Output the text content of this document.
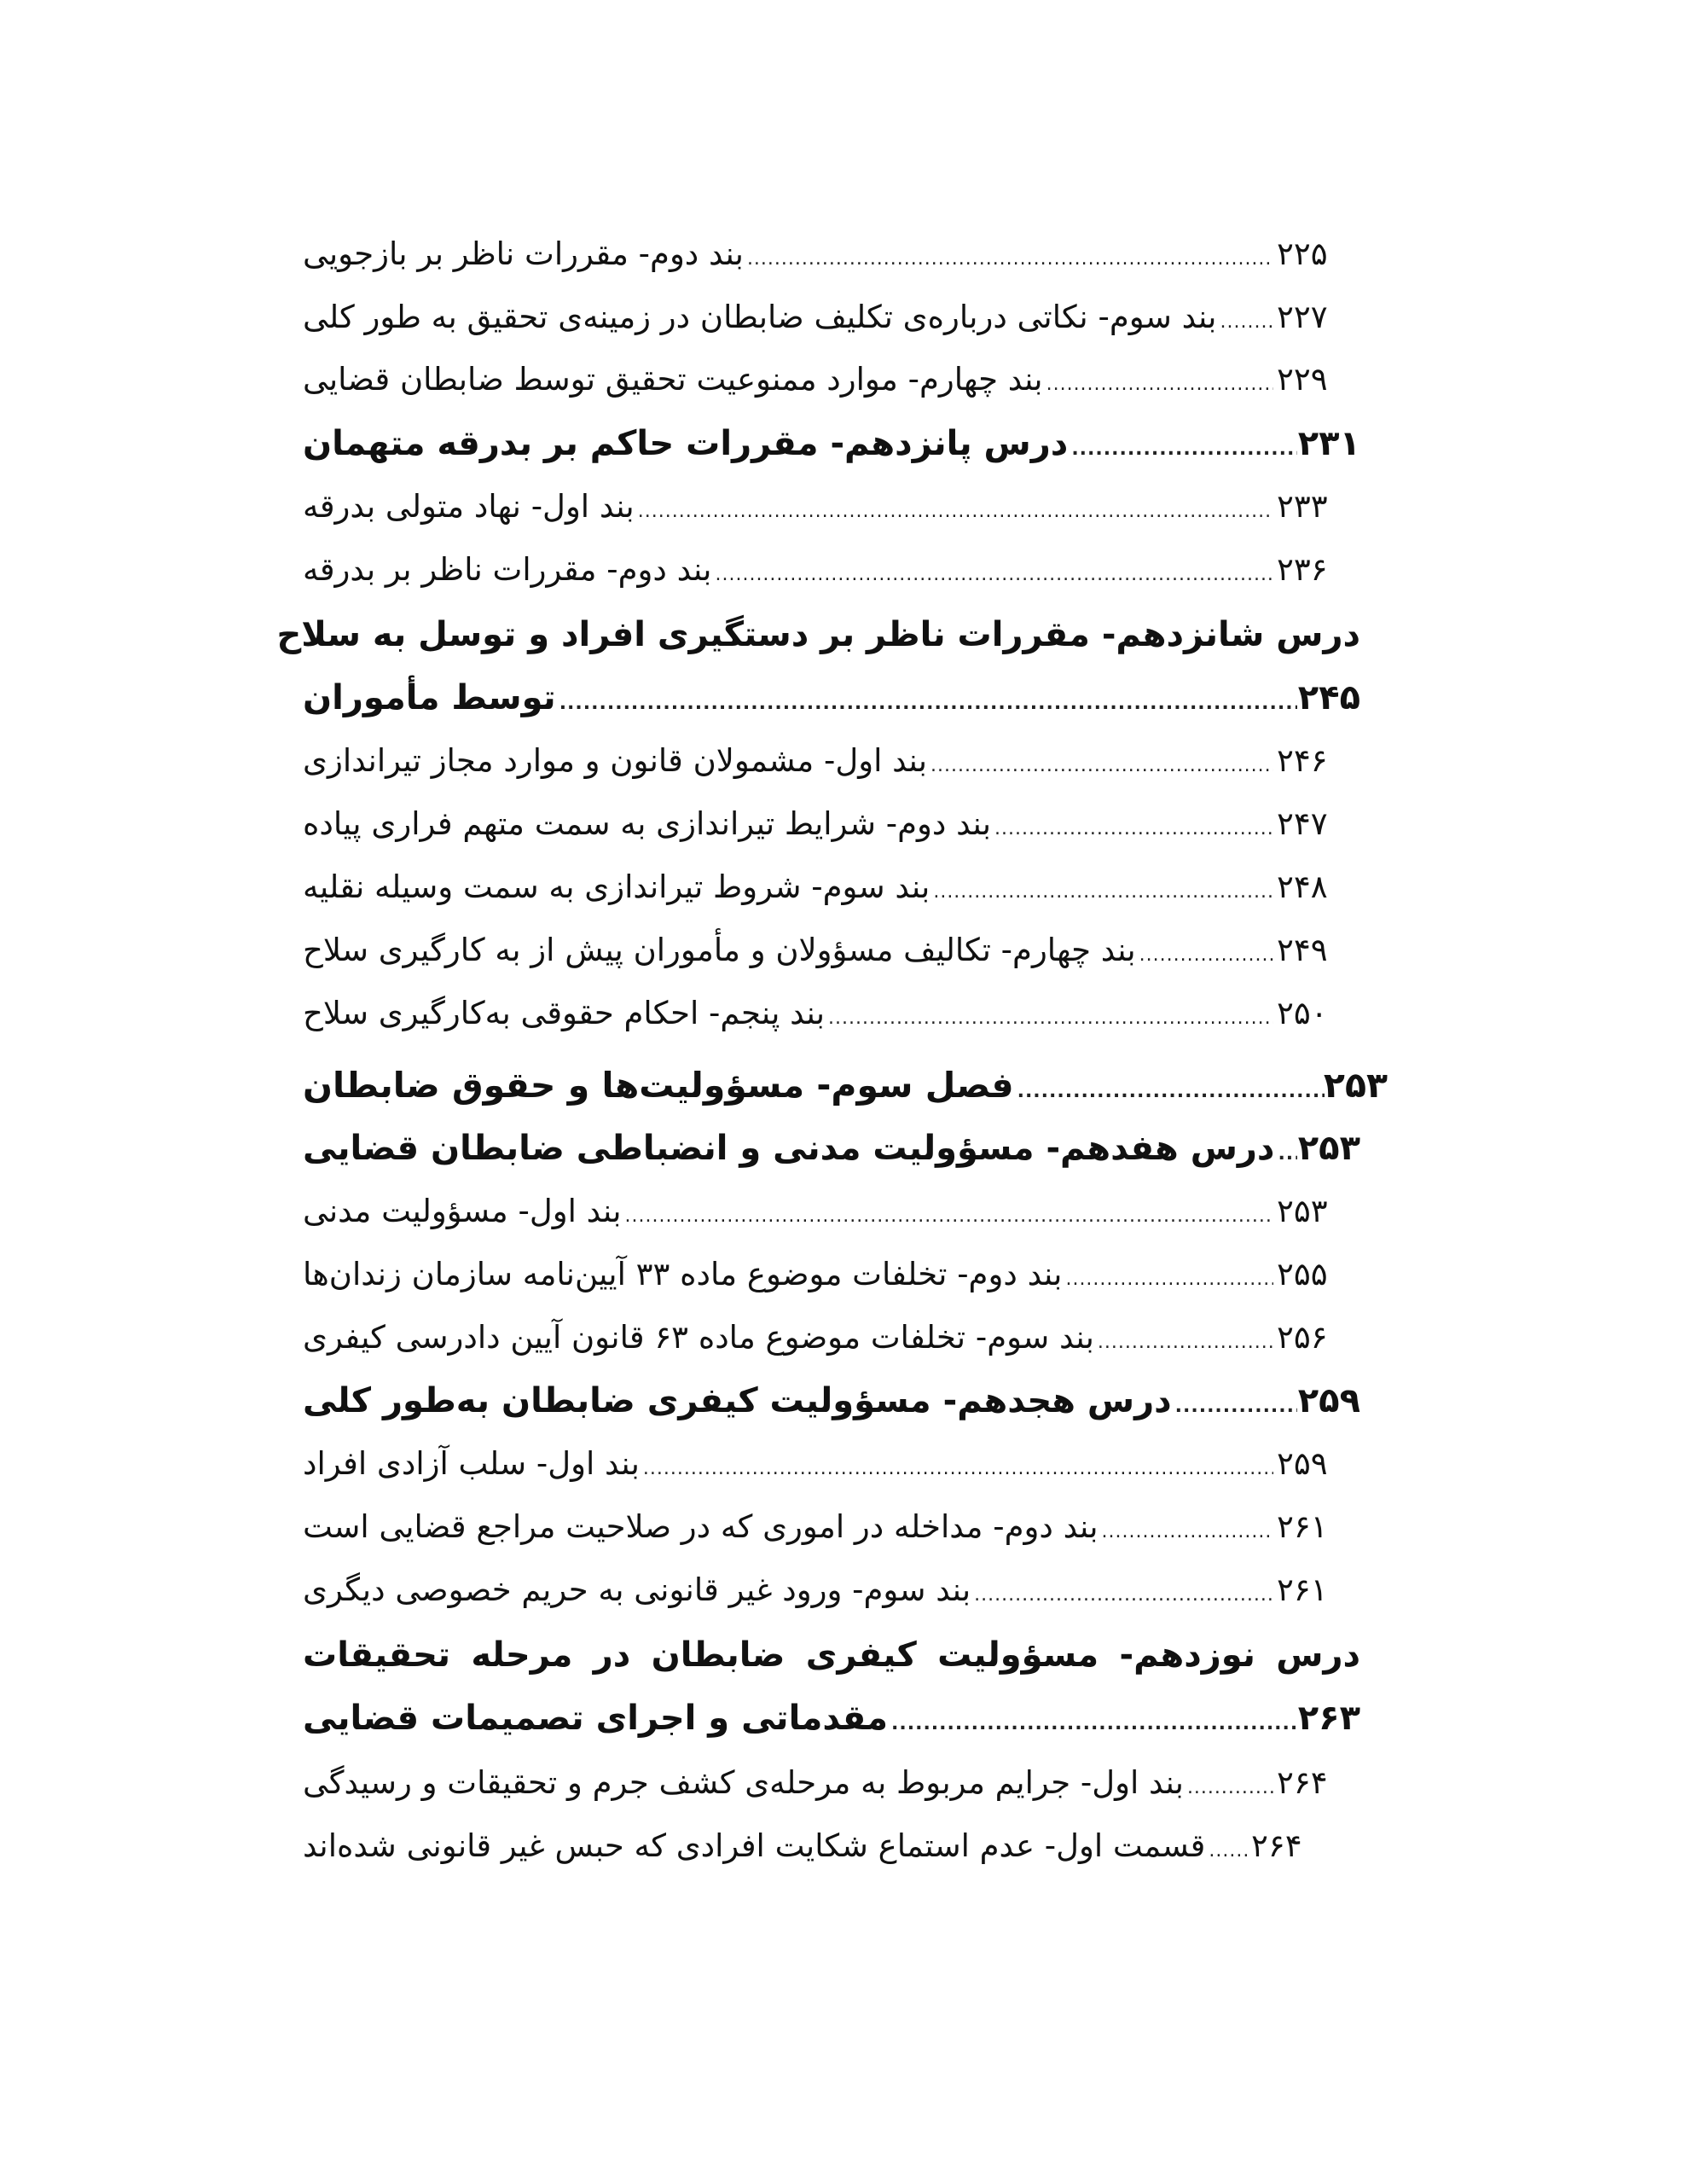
بند دوم- مقررات ناظر بر بازجویی .....	۲۲۵
بند سوم- نکاتی درباره‌ی تکلیف ضابطان در زمینه‌ی تحقیق به طور کلی ..... ۲۲۷
بند چهارم- موارد ممنوعیت تحقیق توسط ضابطان قضایی .....	۲۲۹
درس پانزدهم- مقررات حاکم بر بدرقه متهمان .....	۲۳۱
بند اول- نهاد متولی بدرقه .....	۲۳۳
بند دوم- مقررات ناظر بر بدرقه .....	۲۳۶
درس شانزدهم- مقررات ناظر بر دستگیری افراد و توسل به سلاح
توسط مأموران .....	۲۴۵
بند اول- مشمولان قانون و موارد مجاز تیراندازی .....	۲۴۶
بند دوم- شرایط تیراندازی به سمت متهم فراری پیاده .....	۲۴۷
بند سوم- شروط تیراندازی به سمت وسیله نقلیه .....	۲۴۸
بند چهارم- تکالیف مسؤولان و مأموران پیش از به کارگیری سلاح .....	۲۴۹
بند پنجم- احکام حقوقی به‌کارگیری سلاح .....	۲۵۰
فصل سوم- مسؤولیت‌ها و حقوق ضابطان .....	۲۵۳
درس هفدهم- مسؤولیت مدنی و انضباطی ضابطان قضایی ..... ۲۵۳
بند اول- مسؤولیت مدنی .....	۲۵۳
بند دوم- تخلفات موضوع ماده ۳۳ آیین‌نامه سازمان زندان‌ها .....	۲۵۵
بند سوم- تخلفات موضوع ماده ۶۳ قانون آیین دادرسی کیفری .....	۲۵۶
درس هجدهم- مسؤولیت کیفری ضابطان به‌طور کلی .....	۲۵۹
بند اول- سلب آزادی افراد .....	۲۵۹
بند دوم- مداخله در اموری که در صلاحیت مراجع قضایی است .....	۲۶۱
بند سوم- ورود غیر قانونی به حریم خصوصی دیگری .....	۲۶۱
درس نوزدهم- مسؤولیت کیفری ضابطان در مرحله تحقیقات
مقدماتی و اجرای تصمیمات قضایی .....	۲۶۳
بند اول- جرایم مربوط به مرحله‌ی کشف جرم و تحقیقات و رسیدگی .....	۲۶۴
قسمت اول- عدم استماع شکایت افرادی که حبس غیر قانونی شده‌اند ..... ۲۶۴
